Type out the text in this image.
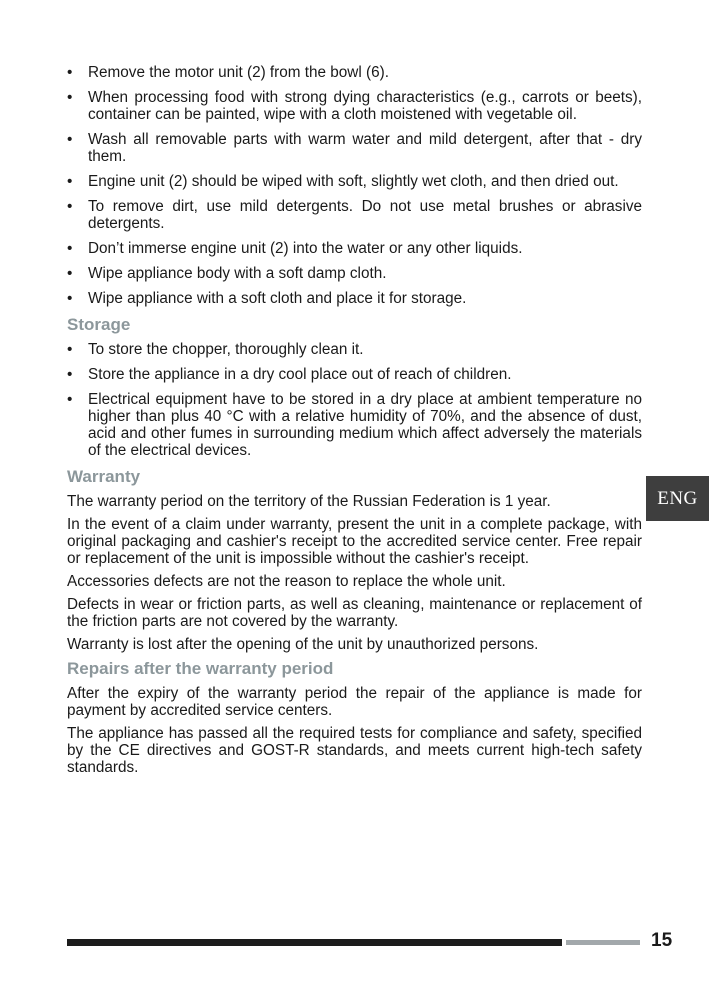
• Remove the motor unit (2) from the bowl (6).
• When processing food with strong dying characteristics (e.g., carrots or beets), container can be painted, wipe with a cloth moistened with vegetable oil.
• Wash all removable parts with warm water and mild detergent, after that - dry them.
• Engine unit (2) should be wiped with soft, slightly wet cloth, and then dried out.
• To remove dirt, use mild detergents. Do not use metal brushes or abrasive detergents.
• Don’t immerse engine unit (2) into the water or any other liquids.
• Wipe appliance body with a soft damp cloth.
• Wipe appliance with a soft cloth and place it for storage.
Storage
• To store the chopper, thoroughly clean it.
• Store the appliance in a dry cool place out of reach of children.
• Electrical equipment have to be stored in a dry place at ambient temperature no higher than plus 40 °C with a relative humidity of 70%, and the absence of dust, acid and other fumes in surrounding medium which affect adversely the materials of the electrical devices.
Warranty

The warranty period on the territory of the Russian Federation is 1 year.

In the event of a claim under warranty, present the unit in a complete package, with original packaging and cashier's receipt to the accredited service center. Free repair or replacement of the unit is impossible without the cashier's receipt.

Accessories defects are not the reason to replace the whole unit.

Defects in wear or friction parts, as well as cleaning, maintenance or replacement of the friction parts are not covered by the warranty.

Warranty is lost after the opening of the unit by unauthorized persons.

Repairs after the warranty period

After the expiry of the warranty period the repair of the appliance is made for payment by accredited service centers.

The appliance has passed all the required tests for compliance and safety, specified by the CE directives and GOST-R standards, and meets current high-tech safety standards.

ENG
15
